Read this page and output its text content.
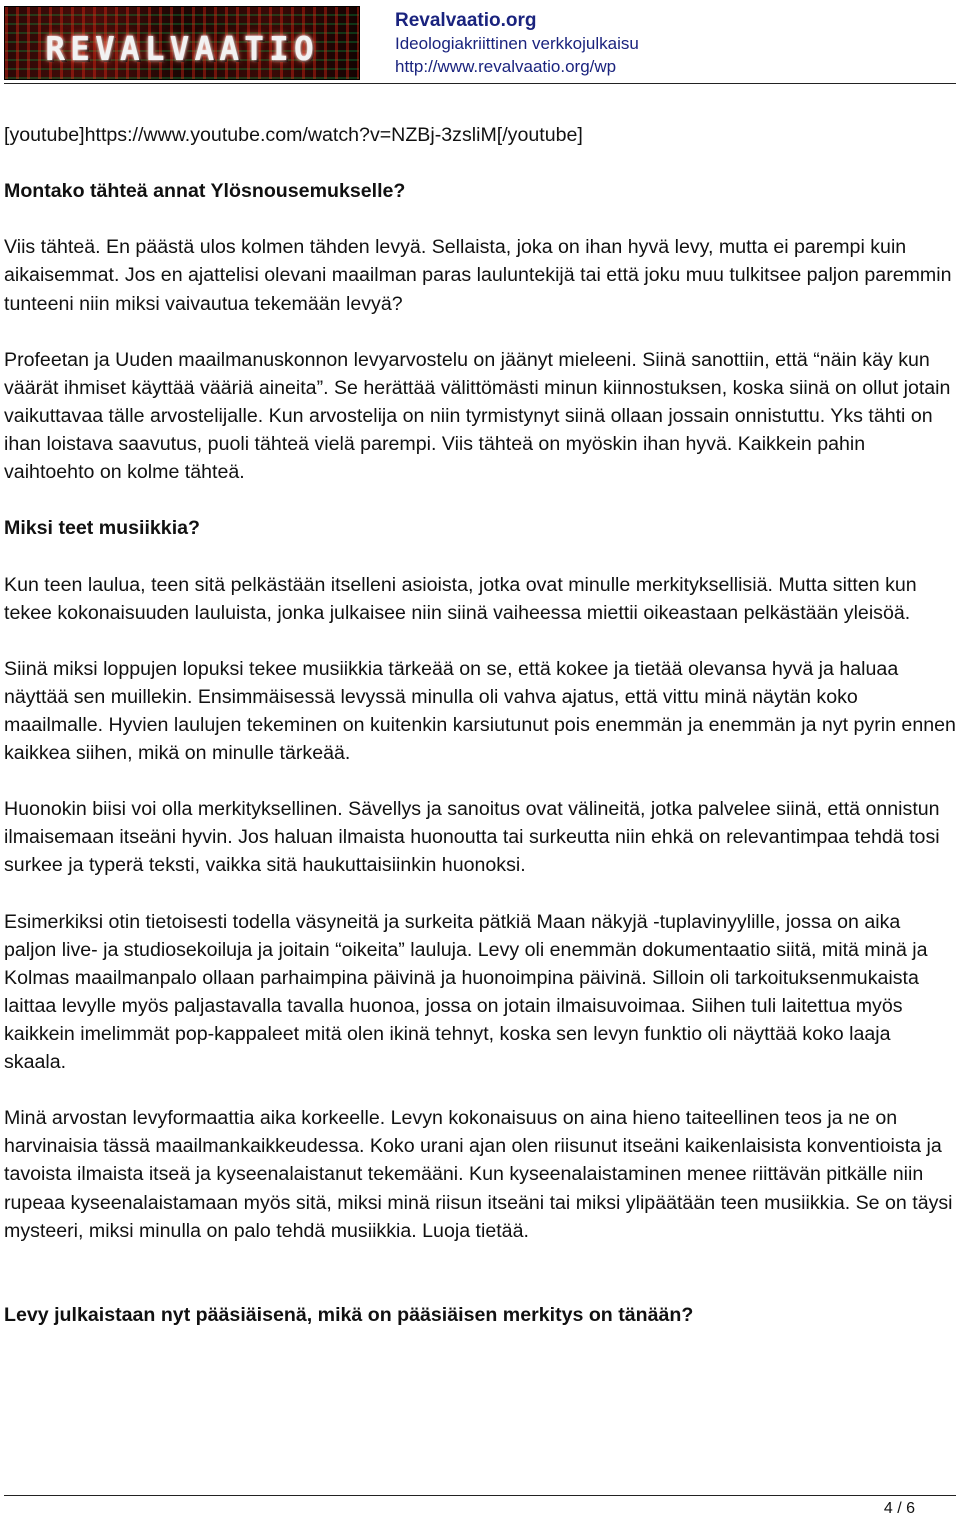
REVALVAATIO
Revalvaatio.org
Ideologiakriittinen verkkojulkaisu
http://www.revalvaatio.org/wp

[youtube]https://www.youtube.com/watch?v=NZBj-3zsliM[/youtube]

Montako tähteä annat Ylösnousemukselle?

Viis tähteä. En päästä ulos kolmen tähden levyä. Sellaista, joka on ihan hyvä levy, mutta ei parempi kuin aikaisemmat. Jos en ajattelisi olevani maailman paras lauluntekijä tai että joku muu tulkitsee paljon paremmin tunteeni niin miksi vaivautua tekemään levyä?

Profeetan ja Uuden maailmanuskonnon levyarvostelu on jäänyt mieleeni. Siinä sanottiin, että “näin käy kun väärät ihmiset käyttää vääriä aineita”. Se herättää välittömästi minun kiinnostuksen, koska siinä on ollut jotain vaikuttavaa tälle arvostelijalle. Kun arvostelija on niin tyrmistynyt siinä ollaan jossain onnistuttu. Yks tähti on ihan loistava saavutus, puoli tähteä vielä parempi. Viis tähteä on myöskin ihan hyvä. Kaikkein pahin vaihtoehto on kolme tähteä.

Miksi teet musiikkia?

Kun teen laulua, teen sitä pelkästään itselleni asioista, jotka ovat minulle merkityksellisiä. Mutta sitten kun tekee kokonaisuuden lauluista, jonka julkaisee niin siinä vaiheessa miettii oikeastaan pelkästään yleisöä.

Siinä miksi loppujen lopuksi tekee musiikkia tärkeää on se, että kokee ja tietää olevansa hyvä ja haluaa näyttää sen muillekin. Ensimmäisessä levyssä minulla oli vahva ajatus, että vittu minä näytän koko maailmalle. Hyvien laulujen tekeminen on kuitenkin karsiutunut pois enemmän ja enemmän ja nyt pyrin ennen kaikkea siihen, mikä on minulle tärkeää.

Huonokin biisi voi olla merkityksellinen. Sävellys ja sanoitus ovat välineitä, jotka palvelee siinä, että onnistun ilmaisemaan itseäni hyvin. Jos haluan ilmaista huonoutta tai surkeutta niin ehkä on relevantimpaa tehdä tosi surkee ja typerä teksti, vaikka sitä haukuttaisiinkin huonoksi.

Esimerkiksi otin tietoisesti todella väsyneitä ja surkeita pätkiä Maan näkyjä -tuplavinyylille, jossa on aika paljon live- ja studiosekoiluja ja joitain “oikeita” lauluja. Levy oli enemmän dokumentaatio siitä, mitä minä ja Kolmas maailmanpalo ollaan parhaimpina päivinä ja huonoimpina päivinä. Silloin oli tarkoituksenmukaista laittaa levylle myös paljastavalla tavalla huonoa, jossa on jotain ilmaisuvoimaa. Siihen tuli laitettua myös kaikkein imelimmät pop-kappaleet mitä olen ikinä tehnyt, koska sen levyn funktio oli näyttää koko laaja skaala.

Minä arvostan levyformaattia aika korkeelle. Levyn kokonaisuus on aina hieno taiteellinen teos ja ne on harvinaisia tässä maailmankaikkeudessa. Koko urani ajan olen riisunut itseäni kaikenlaisista konventioista ja tavoista ilmaista itseä ja kyseenalaistanut tekemääni. Kun kyseenalaistaminen menee riittävän pitkälle niin rupeaa kyseenalaistamaan myös sitä, miksi minä riisun itseäni tai miksi ylipäätään teen musiikkia. Se on täysi mysteeri, miksi minulla on palo tehdä musiikkia. Luoja tietää.

Levy julkaistaan nyt pääsiäisenä, mikä on pääsiäisen merkitys on tänään?

4 / 6
